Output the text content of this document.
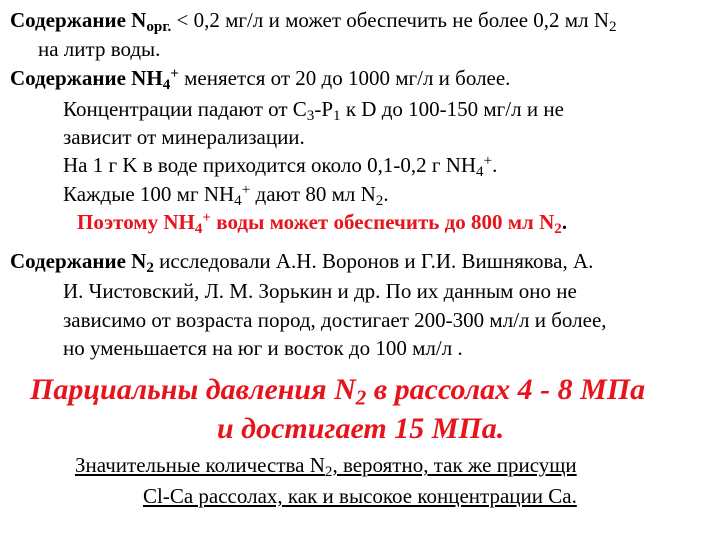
Содержание $N_{орг.} < 0,2$ мг/л и может обеспечить не более 0,2 мл $N_2$
на литр воды.
Содержание $NH_4^+$ меняется от 20 до 1000 мг/л и более.
Концентрации падают от $C_3-P_1$ к D до 100-150 мг/л и не
зависит от минерализации.
На 1 г K в воде приходится около 0,1-0,2 г $NH_4^+$.
Каждые 100 мг $NH_4^+$ дают 80 мл $N_2$.
Поэтому $NH_4^+$ воды может обеспечить до 800 мл $N_2$.
Содержание $N_2$ исследовали А.Н. Воронов и Г.И. Вишнякова, А.
И. Чистовский, Л. М. Зорькин и др. По их данным оно не
зависимо от возраста пород, достигает 200-300 мл/л и более,
но уменьшается на юг и восток до 100 мл/л .
Парциальны давления $N_2$ в рассолах 4 - 8 МПа
и достигает 15 МПа.
Значительные количества $N_2$, вероятно, так же присущи
Cl-Ca рассолах, как и высокое концентрации Ca.
